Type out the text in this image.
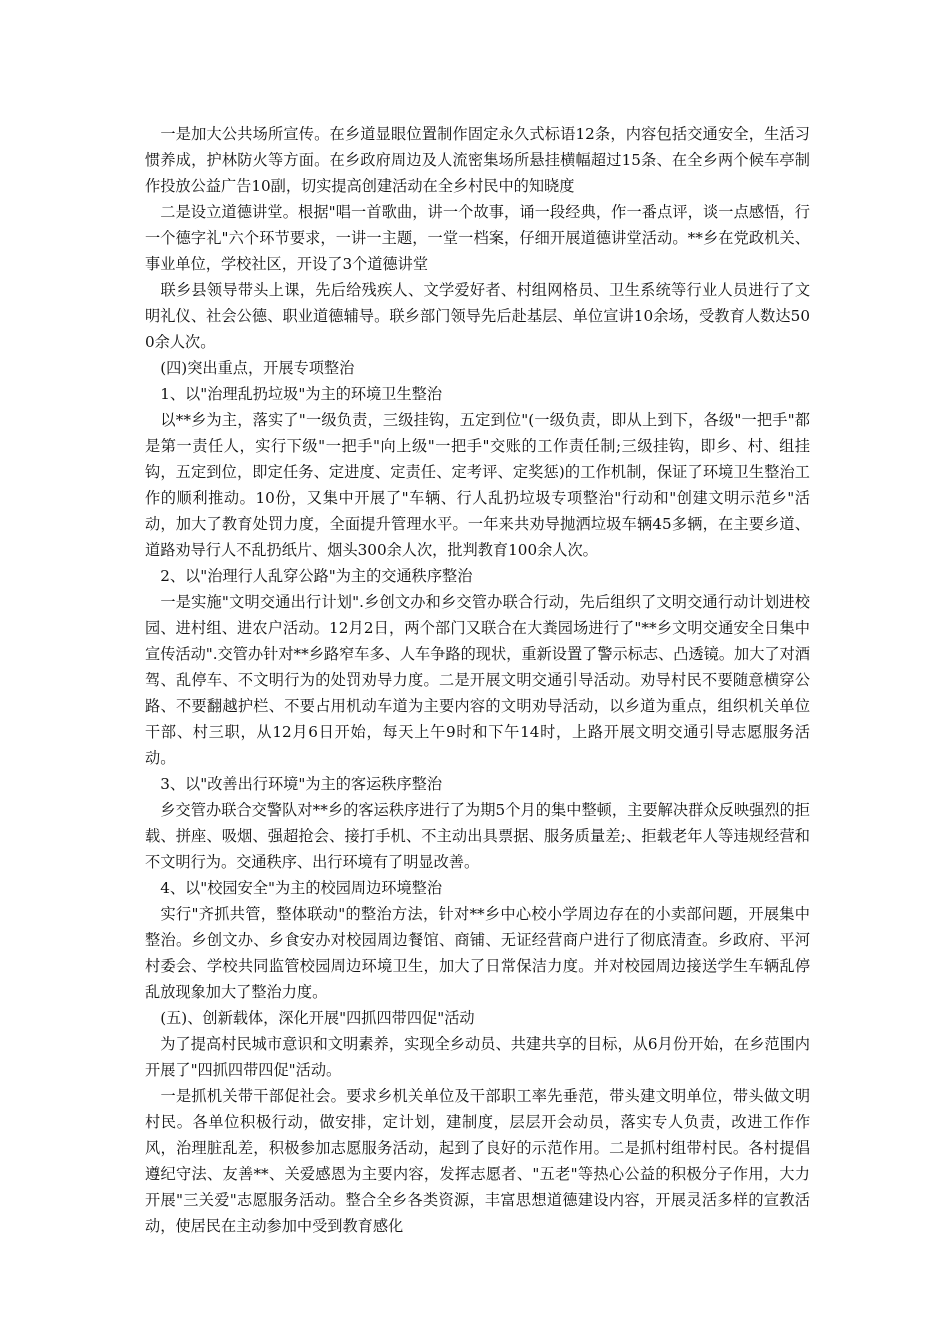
　一是加大公共场所宣传。在乡道显眼位置制作固定永久式标语12条，内容包括交通安全，生活习惯养成，护林防火等方面。在乡政府周边及人流密集场所悬挂横幅超过15条、在全乡两个候车亭制作投放公益广告10副，切实提高创建活动在全乡村民中的知晓度

　二是设立道德讲堂。根据"唱一首歌曲，讲一个故事，诵一段经典，作一番点评，谈一点感悟，行一个德字礼"六个环节要求，一讲一主题，一堂一档案，仔细开展道德讲堂活动。**乡在党政机关、事业单位，学校社区，开设了3个道德讲堂

　联乡县领导带头上课，先后给残疾人、文学爱好者、村组网格员、卫生系统等行业人员进行了文明礼仪、社会公德、职业道德辅导。联乡部门领导先后赴基层、单位宣讲10余场，受教育人数达500余人次。

　(四)突出重点，开展专项整治

　1、以"治理乱扔垃圾"为主的环境卫生整治

　以**乡为主，落实了"一级负责，三级挂钩，五定到位"(一级负责，即从上到下，各级"一把手"都是第一责任人，实行下级"一把手"向上级"一把手"交账的工作责任制;三级挂钩，即乡、村、组挂钩，五定到位，即定任务、定进度、定责任、定考评、定奖惩)的工作机制，保证了环境卫生整治工作的顺利推动。10份，又集中开展了"车辆、行人乱扔垃圾专项整治"行动和"创建文明示范乡"活动，加大了教育处罚力度，全面提升管理水平。一年来共劝导抛洒垃圾车辆45多辆，在主要乡道、道路劝导行人不乱扔纸片、烟头300余人次，批判教育100余人次。

　2、以"治理行人乱穿公路"为主的交通秩序整治

　一是实施"文明交通出行计划".乡创文办和乡交管办联合行动，先后组织了文明交通行动计划进校园、进村组、进农户活动。12月2日，两个部门又联合在大粪园场进行了"**乡文明交通安全日集中宣传活动".交管办针对**乡路窄车多、人车争路的现状，重新设置了警示标志、凸透镜。加大了对酒驾、乱停车、不文明行为的处罚劝导力度。二是开展文明交通引导活动。劝导村民不要随意横穿公路、不要翻越护栏、不要占用机动车道为主要内容的文明劝导活动，以乡道为重点，组织机关单位干部、村三职，从12月6日开始，每天上午9时和下午14时，上路开展文明交通引导志愿服务活动。

　3、以"改善出行环境"为主的客运秩序整治

　乡交管办联合交警队对**乡的客运秩序进行了为期5个月的集中整顿，主要解决群众反映强烈的拒载、拼座、吸烟、强超抢会、接打手机、不主动出具票据、服务质量差;、拒载老年人等违规经营和不文明行为。交通秩序、出行环境有了明显改善。

　4、以"校园安全"为主的校园周边环境整治

　实行"齐抓共管，整体联动"的整治方法，针对**乡中心校小学周边存在的小卖部问题，开展集中整治。乡创文办、乡食安办对校园周边餐馆、商铺、无证经营商户进行了彻底清查。乡政府、平河村委会、学校共同监管校园周边环境卫生，加大了日常保洁力度。并对校园周边接送学生车辆乱停乱放现象加大了整治力度。

　(五)、创新载体，深化开展"四抓四带四促"活动

　为了提高村民城市意识和文明素养，实现全乡动员、共建共享的目标，从6月份开始，在乡范围内开展了"四抓四带四促"活动。

　一是抓机关带干部促社会。要求乡机关单位及干部职工率先垂范，带头建文明单位，带头做文明村民。各单位积极行动，做安排，定计划，建制度，层层开会动员，落实专人负责，改进工作作风，治理脏乱差，积极参加志愿服务活动，起到了良好的示范作用。二是抓村组带村民。各村提倡遵纪守法、友善**、关爱感恩为主要内容，发挥志愿者、"五老"等热心公益的积极分子作用，大力开展"三关爱"志愿服务活动。整合全乡各类资源，丰富思想道德建设内容，开展灵活多样的宣教活动，使居民在主动参加中受到教育感化
